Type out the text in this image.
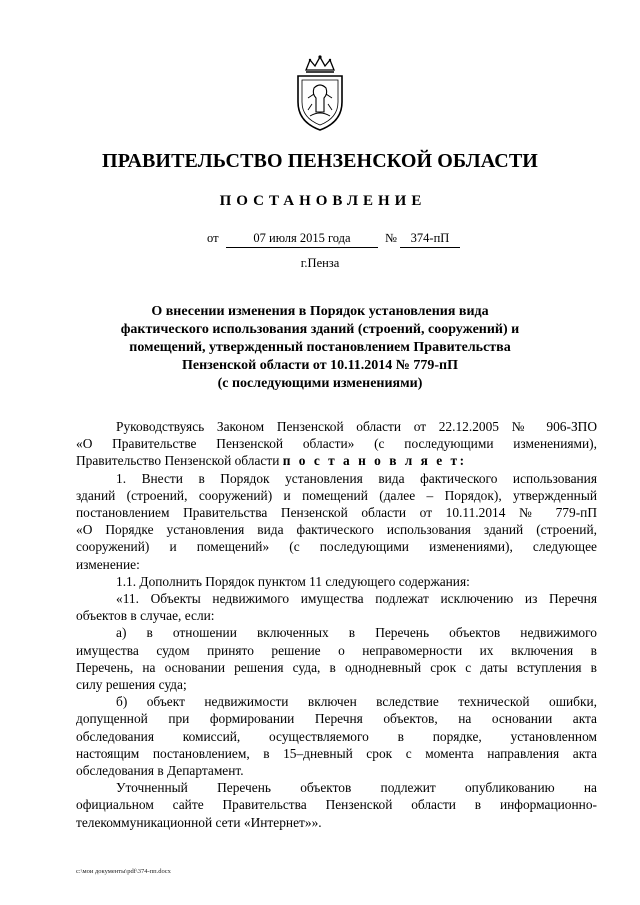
ПРАВИТЕЛЬСТВО ПЕНЗЕНСКОЙ ОБЛАСТИ
ПОСТАНОВЛЕНИЕ
от	07 июля 2015 года	№	374-пП
г.Пенза
О внесении изменения в Порядок установления вида
фактического использования зданий (строений, сооружений) и
помещений, утвержденный постановлением Правительства
Пензенской области от 10.11.2014 № 779-пП
(с последующими изменениями)
Руководствуясь Законом Пензенской области от 22.12.2005 № 906-ЗПО
«О Правительстве Пензенской области» (с последующими изменениями),
Правительство Пензенской области п о с т а н о в л я е т:
1. Внести в Порядок установления вида фактического использования
зданий (строений, сооружений) и помещений (далее – Порядок), утвержденный
постановлением Правительства Пензенской области от 10.11.2014 № 779-пП
«О Порядке установления вида фактического использования зданий (строений,
сооружений) и помещений» (с последующими изменениями), следующее
изменение:
1.1. Дополнить Порядок пунктом 11 следующего содержания:
«11. Объекты недвижимого имущества подлежат исключению из Перечня
объектов в случае, если:
а) в отношении включенных в Перечень объектов недвижимого
имущества судом принято решение о неправомерности их включения в
Перечень, на основании решения суда, в однодневный срок с даты вступления в
силу решения суда;
б) объект недвижимости включен вследствие технической ошибки,
допущенной при формировании Перечня объектов, на основании акта
обследования комиссий, осуществляемого в порядке, установленном
настоящим постановлением, в 15–дневный срок с момента направления акта
обследования в Департамент.
Уточненный Перечень объектов подлежит опубликованию на
официальном сайте Правительства Пензенской области в информационно-
телекоммуникационной сети «Интернет»».
c:\мои документы\pdf\374-пп.docx
